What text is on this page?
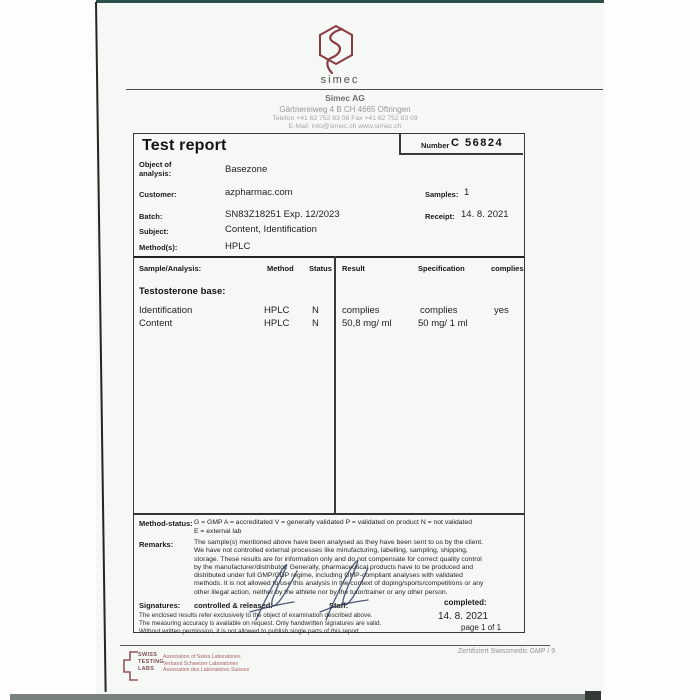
simec
Simec AG
Gärtnereiweg 4 B CH 4665 Oftringen
Telefon +41 62 752 83 08 Fax +41 62 752 83 09
E-Mail: info@simec.ch www.simec.ch
Test report	Number C 56824
Object of analysis:	Basezone
Customer:	azpharmac.com
Batch:	SN83Z18251 Exp. 12/2023
Subject:	Content, Identification
Method(s):	HPLC
Samples: 1
Receipt: 14. 8. 2021
Sample/Analysis:	Method Status Result	Specification	complies
Testosterone base:
Identification	HPLC N complies	complies	yes
Content	HPLC N 50,8 mg/ ml	50 mg/ 1 ml
Method-status: G = GMP A = accreditated V = generally validated P = validated on product N = not validated
E = external lab
Remarks:	The sample(s) mentioned above have been analysed as they have been sent to us by the client.
We have not controlled external processes like minufacturing, labelling, sampling, shipping,
storage. These results are for information only and do not compensate for correct quality control
by the manufacturer/distributor. Generally, pharmaceutical products have to be produced and
distributed under full GMP/GDP regime, including GMP-compliant analyses with validated
methods. It is not allowed to use this analysis in the context of doping/sports/competitions or any
other illegal action, neither by the athlete nor by the tutor/trainer or any other person.
Signatures: controlled & released:	Staff:	completed:
The enclosed results refer exclusively to the object of examination described above.
The measuring accuracy is available on request. Only handwritten signatures are valid.
Without written permission, it is not allowed to publish single parts of this report.
14. 8. 2021
page 1 of 1
SWISS
TESTING
LABS
Association of Swiss Laboratories
Verband Schweizer Laboratorien
Association des Laboratoires Suisses
Zertifiziert Swissmedic GMP / 9
